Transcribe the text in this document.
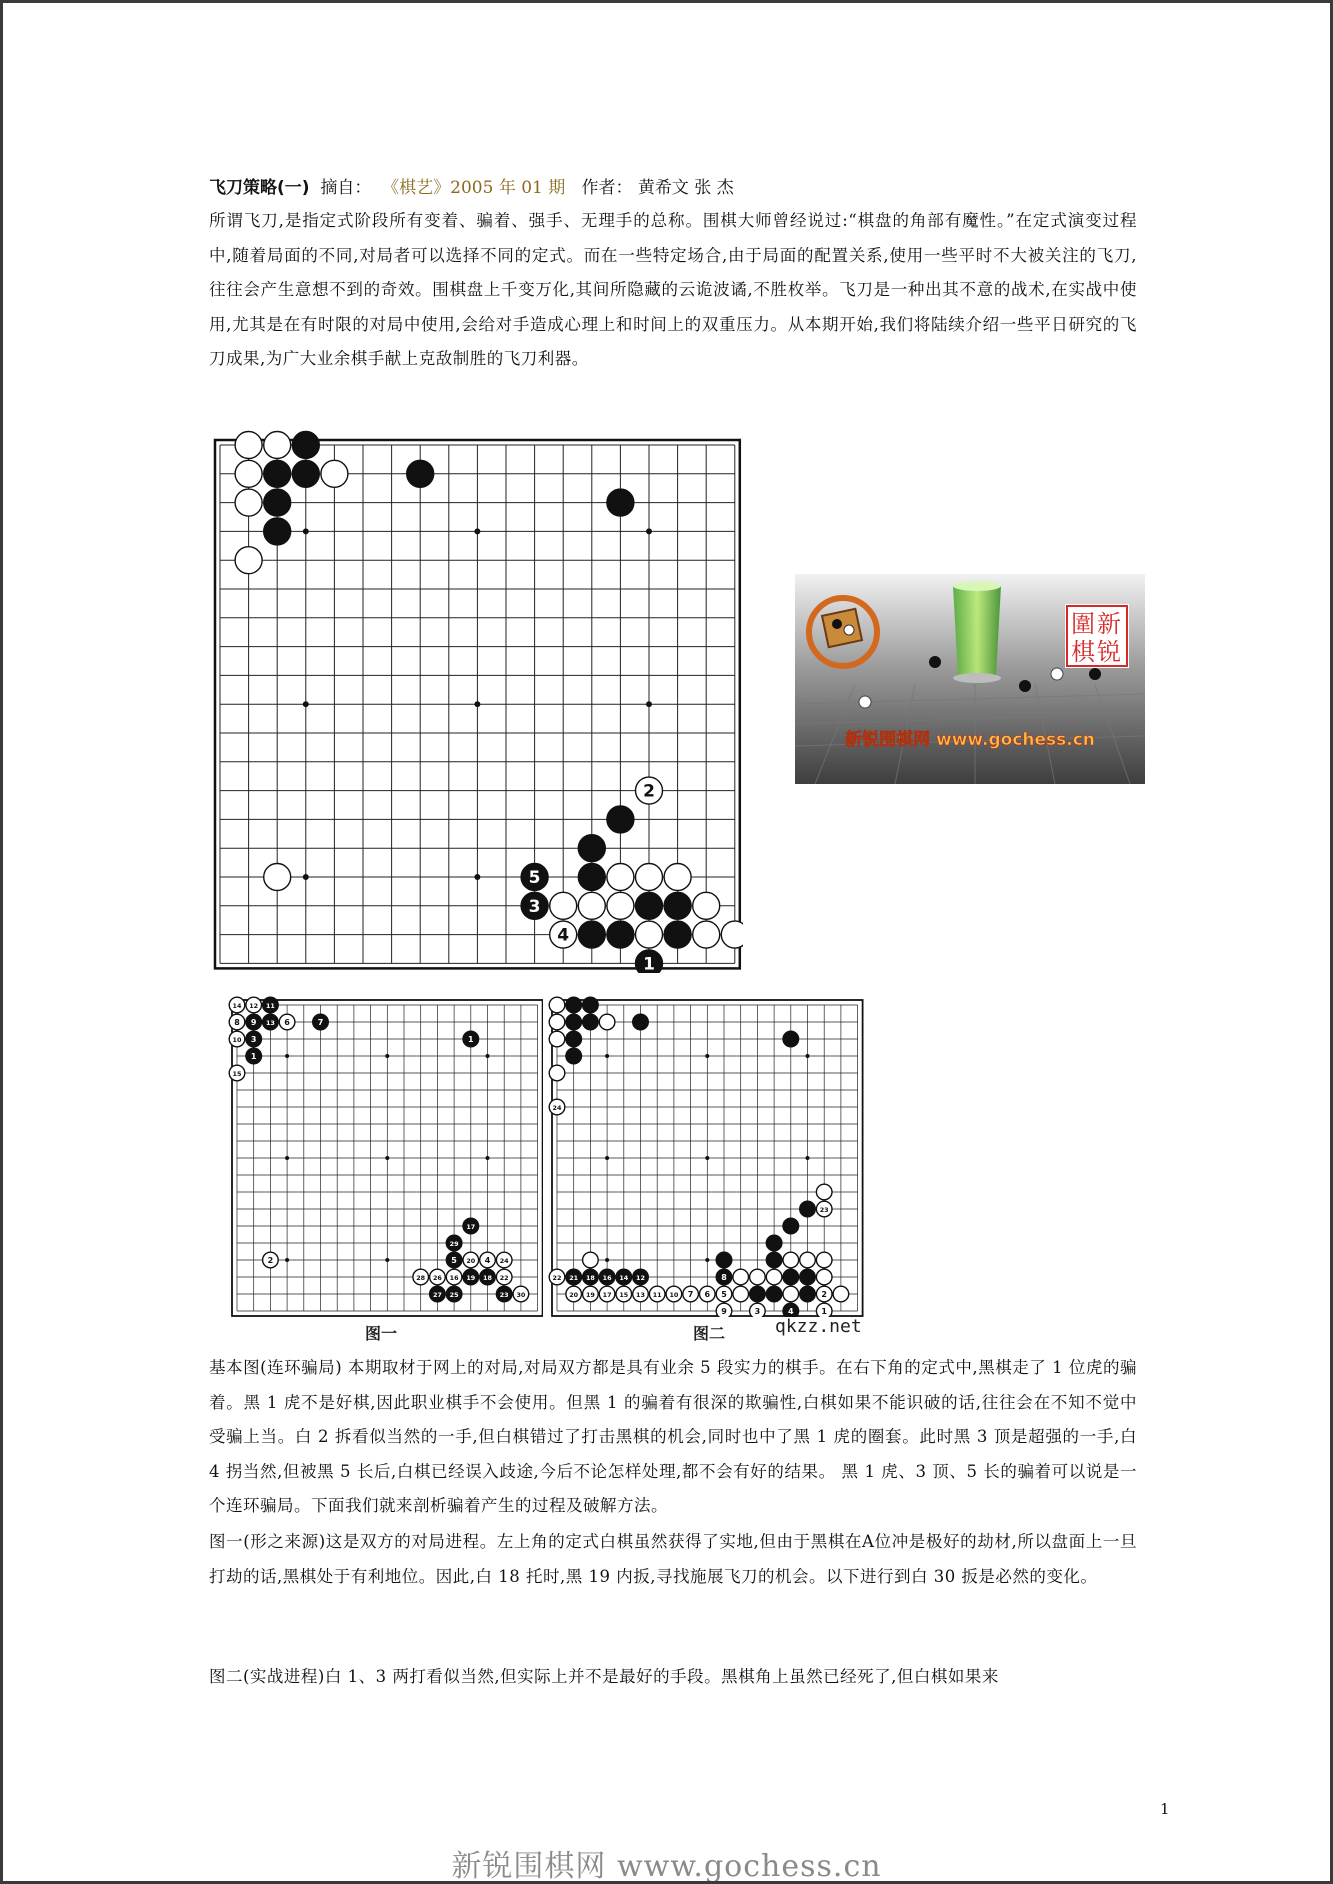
飞刀策略(一) 摘自： 《棋艺》2005 年 01 期 作者： 黄希文 张 杰
所谓飞刀,是指定式阶段所有变着、骗着、强手、无理手的总称。围棋大师曾经说过:“棋盘的角部有魔性。”在定式演变过程中,随着局面的不同,对局者可以选择不同的定式。而在一些特定场合,由于局面的配置关系,使用一些平时不大被关注的飞刀,往往会产生意想不到的奇效。围棋盘上千变万化,其间所隐藏的云诡波谲,不胜枚举。飞刀是一种出其不意的战术,在实战中使用,尤其是在有时限的对局中使用,会给对手造成心理上和时间上的双重压力。从本期开始,我们将陆续介绍一些平日研究的飞刀成果,为广大业余棋手献上克敌制胜的飞刀利器。
2
5
3
4
1
圍新
棋锐
新锐围棋网 www.gochess.cn
14 12 11
8 9 13 6	7
10 3	1
1
15
2
17
29
5 20 4 24
28 26 16 19 18 22
27 25	23 30
24
23
22 21 18 16 14 12	8
20 19 17 15 13 11 10 7 6 5	2
9	3	4	1
图一	图二	qkzz.net
基本图(连环骗局) 本期取材于网上的对局,对局双方都是具有业余 5 段实力的棋手。在右下角的定式中,黑棋走了 1 位虎的骗着。黑 1 虎不是好棋,因此职业棋手不会使用。但黑 1 的骗着有很深的欺骗性,白棋如果不能识破的话,往往会在不知不觉中受骗上当。白 2 拆看似当然的一手,但白棋错过了打击黑棋的机会,同时也中了黑 1 虎的圈套。此时黑 3 顶是超强的一手,白 4 拐当然,但被黑 5 长后,白棋已经误入歧途,今后不论怎样处理,都不会有好的结果。 黑 1 虎、3 顶、5 长的骗着可以说是一个连环骗局。下面我们就来剖析骗着产生的过程及破解方法。
图一(形之来源)这是双方的对局进程。左上角的定式白棋虽然获得了实地,但由于黑棋在A位冲是极好的劫材,所以盘面上一旦打劫的话,黑棋处于有利地位。因此,白 18 托时,黑 19 内扳,寻找施展飞刀的机会。以下进行到白 30 扳是必然的变化。
图二(实战进程)白 1、3 两打看似当然,但实际上并不是最好的手段。黑棋角上虽然已经死了,但白棋如果来
1
新锐围棋网 www.gochess.cn
